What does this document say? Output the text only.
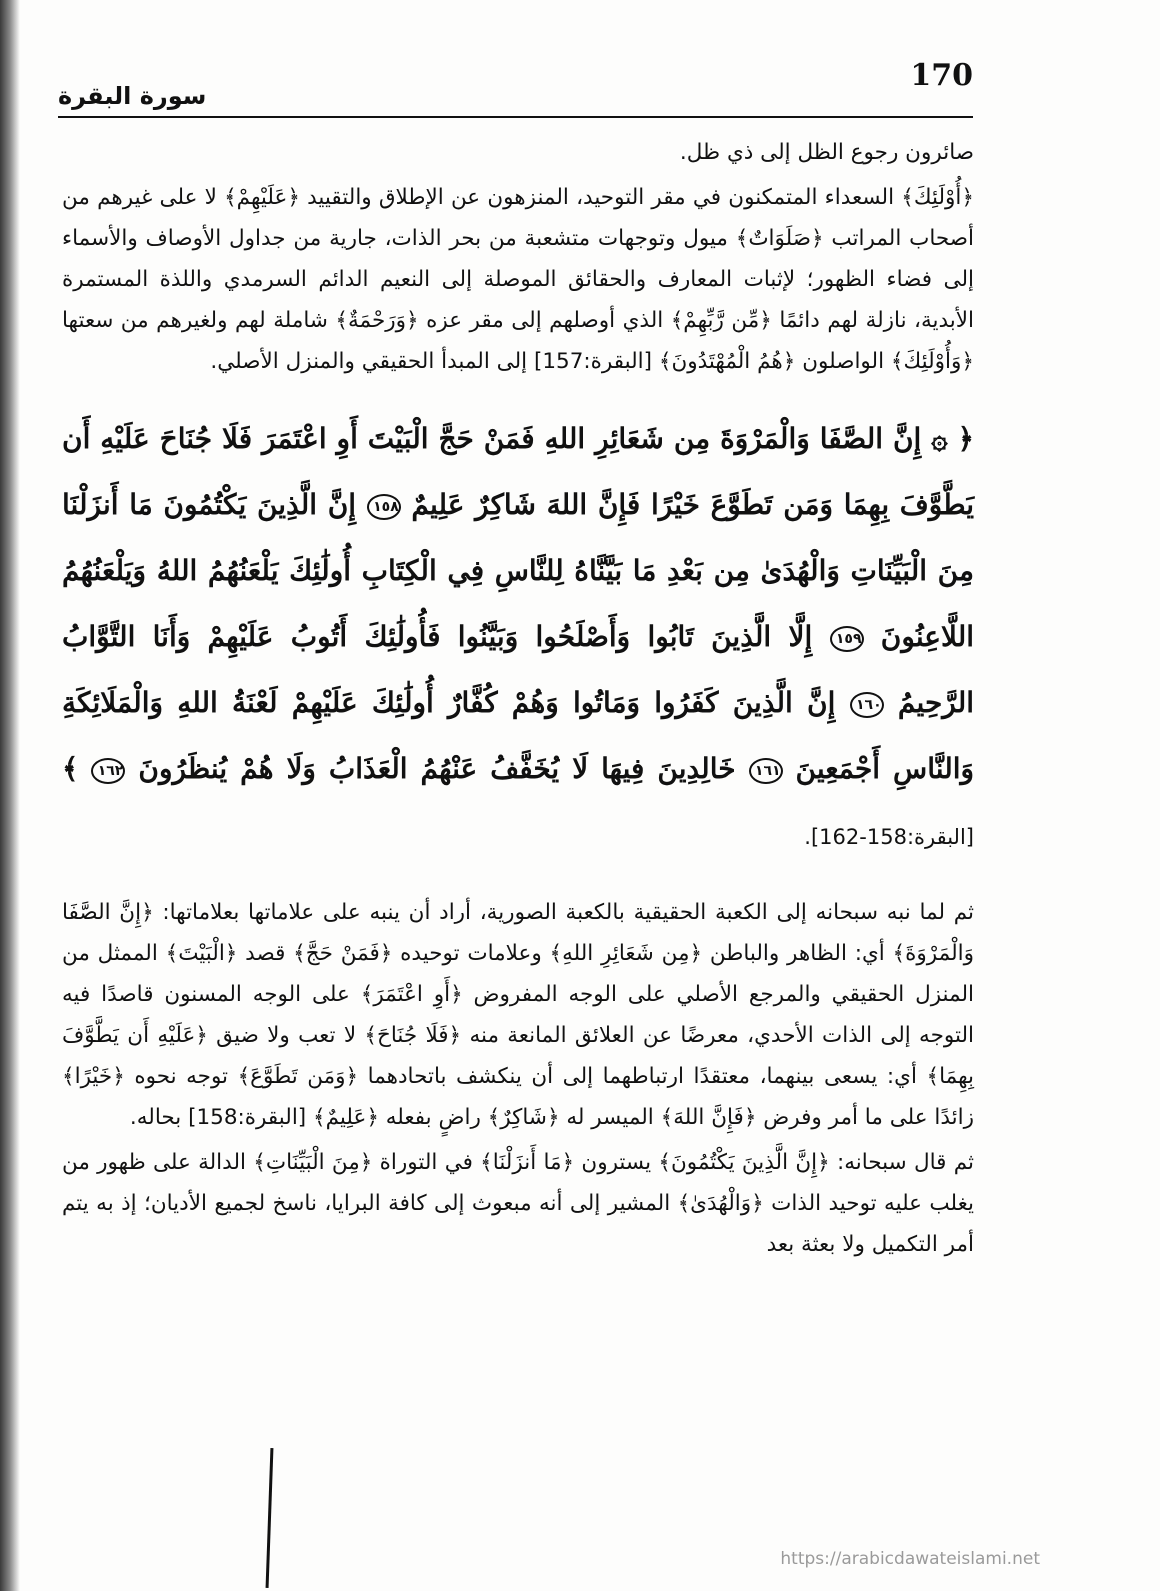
170
سورة البقرة

صائرون رجوع الظل إلى ذي ظل.

﴿أُوْلَئِكَ﴾ السعداء المتمكنون في مقر التوحيد، المنزهون عن الإطلاق والتقييد ﴿عَلَيْهِمْ﴾ لا على غيرهم من أصحاب المراتب ﴿صَلَوَاتٌ﴾ ميول وتوجهات متشعبة من بحر الذات، جارية من جداول الأوصاف والأسماء إلى فضاء الظهور؛ لإثبات المعارف والحقائق الموصلة إلى النعيم الدائم السرمدي واللذة المستمرة الأبدية، نازلة لهم دائمًا ﴿مِّن رَّبِّهِمْ﴾ الذي أوصلهم إلى مقر عزه ﴿وَرَحْمَةٌ﴾ شاملة لهم ولغيرهم من سعتها ﴿وَأُوْلَئِكَ﴾ الواصلون ﴿هُمُ الْمُهْتَدُونَ﴾ [البقرة:157] إلى المبدأ الحقيقي والمنزل الأصلي.

﴿ ۞ إِنَّ الصَّفَا وَالْمَرْوَةَ مِن شَعَائِرِ اللهِ فَمَنْ حَجَّ الْبَيْتَ أَوِ اعْتَمَرَ فَلَا جُنَاحَ عَلَيْهِ أَن يَطَّوَّفَ بِهِمَا وَمَن تَطَوَّعَ خَيْرًا فَإِنَّ اللهَ شَاكِرٌ عَلِيمٌ ١٥٨ إِنَّ الَّذِينَ يَكْتُمُونَ مَا أَنزَلْنَا مِنَ الْبَيِّنَاتِ وَالْهُدَىٰ مِن بَعْدِ مَا بَيَّنَّاهُ لِلنَّاسِ فِي الْكِتَابِ أُولَٰئِكَ يَلْعَنُهُمُ اللهُ وَيَلْعَنُهُمُ اللَّاعِنُونَ ١٥٩ إِلَّا الَّذِينَ تَابُوا وَأَصْلَحُوا وَبَيَّنُوا فَأُولَٰئِكَ أَتُوبُ عَلَيْهِمْ وَأَنَا التَّوَّابُ الرَّحِيمُ ١٦٠ إِنَّ الَّذِينَ كَفَرُوا وَمَاتُوا وَهُمْ كُفَّارٌ أُولَٰئِكَ عَلَيْهِمْ لَعْنَةُ اللهِ وَالْمَلَائِكَةِ وَالنَّاسِ أَجْمَعِينَ ١٦١ خَالِدِينَ فِيهَا لَا يُخَفَّفُ عَنْهُمُ الْعَذَابُ وَلَا هُمْ يُنظَرُونَ ١٦٢ ﴾ [البقرة:158-162].

ثم لما نبه سبحانه إلى الكعبة الحقيقية بالكعبة الصورية، أراد أن ينبه على علاماتها بعلاماتها: ﴿إِنَّ الصَّفَا وَالْمَرْوَةَ﴾ أي: الظاهر والباطن ﴿مِن شَعَائِرِ اللهِ﴾ وعلامات توحيده ﴿فَمَنْ حَجَّ﴾ قصد ﴿الْبَيْتَ﴾ الممثل من المنزل الحقيقي والمرجع الأصلي على الوجه المفروض ﴿أَوِ اعْتَمَرَ﴾ على الوجه المسنون قاصدًا فيه التوجه إلى الذات الأحدي، معرضًا عن العلائق المانعة منه ﴿فَلَا جُنَاحَ﴾ لا تعب ولا ضيق ﴿عَلَيْهِ أَن يَطَّوَّفَ بِهِمَا﴾ أي: يسعى بينهما، معتقدًا ارتباطهما إلى أن ينكشف باتحادهما ﴿وَمَن تَطَوَّعَ﴾ توجه نحوه ﴿خَيْرًا﴾ زائدًا على ما أمر وفرض ﴿فَإِنَّ اللهَ﴾ الميسر له ﴿شَاكِرٌ﴾ راضٍ بفعله ﴿عَلِيمٌ﴾ [البقرة:158] بحاله.

ثم قال سبحانه: ﴿إِنَّ الَّذِينَ يَكْتُمُونَ﴾ يسترون ﴿مَا أَنزَلْنَا﴾ في التوراة ﴿مِنَ الْبَيِّنَاتِ﴾ الدالة على ظهور من يغلب عليه توحيد الذات ﴿وَالْهُدَىٰ﴾ المشير إلى أنه مبعوث إلى كافة البرايا، ناسخ لجميع الأديان؛ إذ به يتم أمر التكميل ولا بعثة بعد

https://arabicdawateislami.net
